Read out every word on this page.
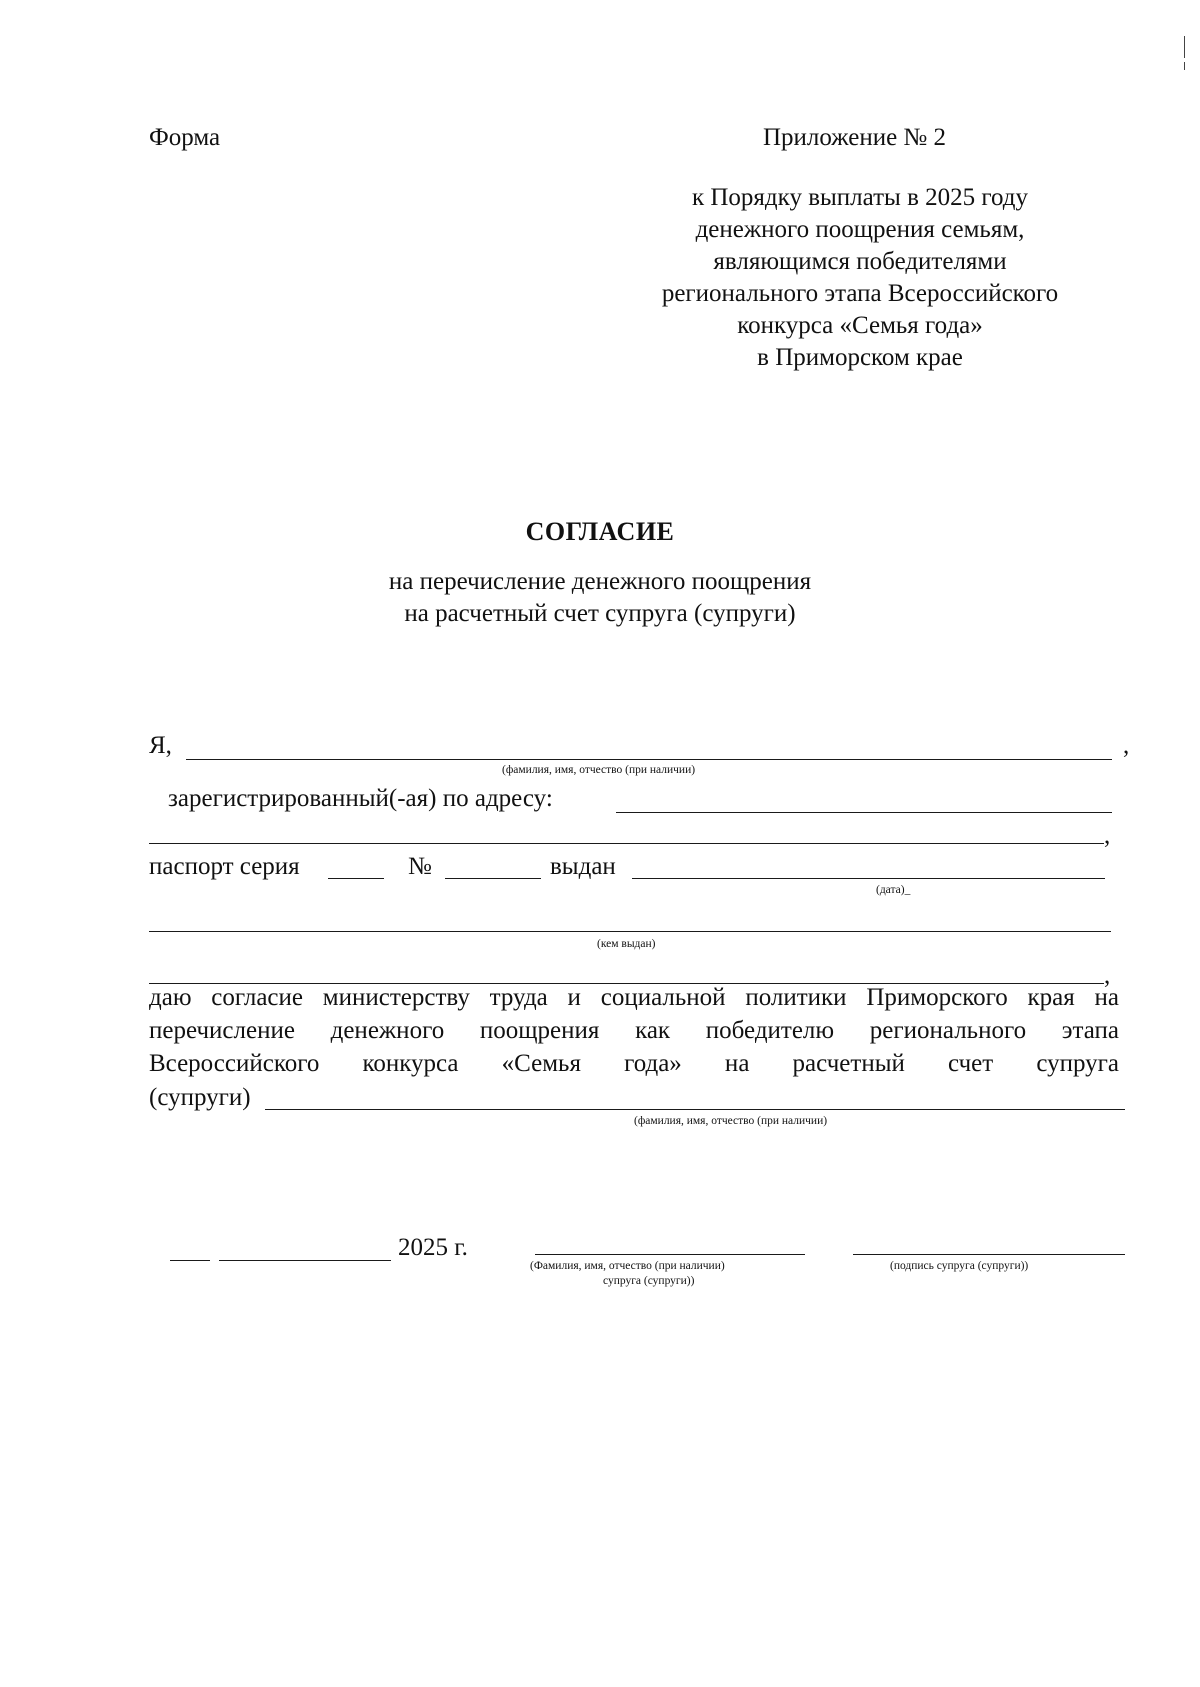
Форма	Приложение № 2
к Порядку выплаты в 2025 году
денежного поощрения семьям,
являющимся победителями
регионального этапа Всероссийского
конкурса «Семья года»
в Приморском крае
СОГЛАСИЕ
на перечисление денежного поощрения
на расчетный счет супруга (супруги)
Я,	,
(фамилия, имя, отчество (при наличии)
зарегистрированный(-ая) по адресу:
,
паспорт серия	№	выдан
(дата)_
(кем выдан)
,
даю согласие министерству труда и социальной политики Приморского края на
перечисление денежного поощрения как победителю регионального этапа
Всероссийского конкурса «Семья года» на расчетный счет супруга
(супруги)
(фамилия, имя, отчество (при наличии)
2025 г.
(Фамилия, имя, отчество (при наличии)
супруга (супруги))
(подпись супруга (супруги))
